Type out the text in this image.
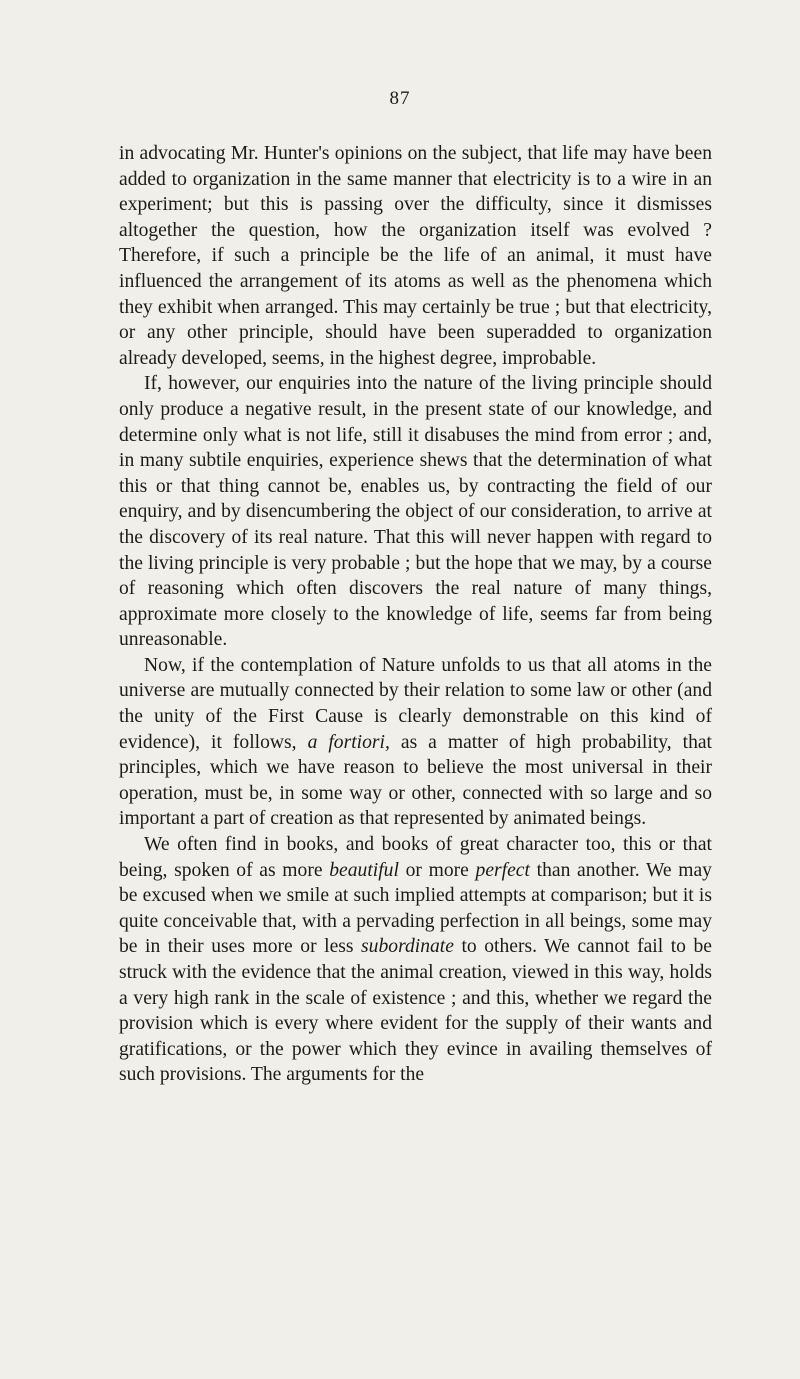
87

in advocating Mr. Hunter's opinions on the subject, that life may have been added to organization in the same manner that electricity is to a wire in an experiment; but this is passing over the difficulty, since it dismisses altogether the question, how the organization itself was evolved ? Therefore, if such a principle be the life of an animal, it must have influenced the arrangement of its atoms as well as the phenomena which they exhibit when arranged. This may certainly be true ; but that electricity, or any other principle, should have been superadded to organization already developed, seems, in the highest degree, improbable.

If, however, our enquiries into the nature of the living principle should only produce a negative result, in the present state of our knowledge, and determine only what is not life, still it disabuses the mind from error ; and, in many subtile enquiries, experience shews that the determination of what this or that thing cannot be, enables us, by contracting the field of our enquiry, and by disencumbering the object of our consideration, to arrive at the discovery of its real nature. That this will never happen with regard to the living principle is very probable ; but the hope that we may, by a course of reasoning which often discovers the real nature of many things, approximate more closely to the knowledge of life, seems far from being unreasonable.

Now, if the contemplation of Nature unfolds to us that all atoms in the universe are mutually connected by their relation to some law or other (and the unity of the First Cause is clearly demonstrable on this kind of evidence), it follows, a fortiori, as a matter of high probability, that principles, which we have reason to believe the most universal in their operation, must be, in some way or other, connected with so large and so important a part of creation as that represented by animated beings.

We often find in books, and books of great character too, this or that being, spoken of as more beautiful or more perfect than another. We may be excused when we smile at such implied attempts at comparison; but it is quite conceivable that, with a pervading perfection in all beings, some may be in their uses more or less subordinate to others. We cannot fail to be struck with the evidence that the animal creation, viewed in this way, holds a very high rank in the scale of existence ; and this, whether we regard the provision which is every where evident for the supply of their wants and gratifications, or the power which they evince in availing themselves of such provisions. The arguments for the
